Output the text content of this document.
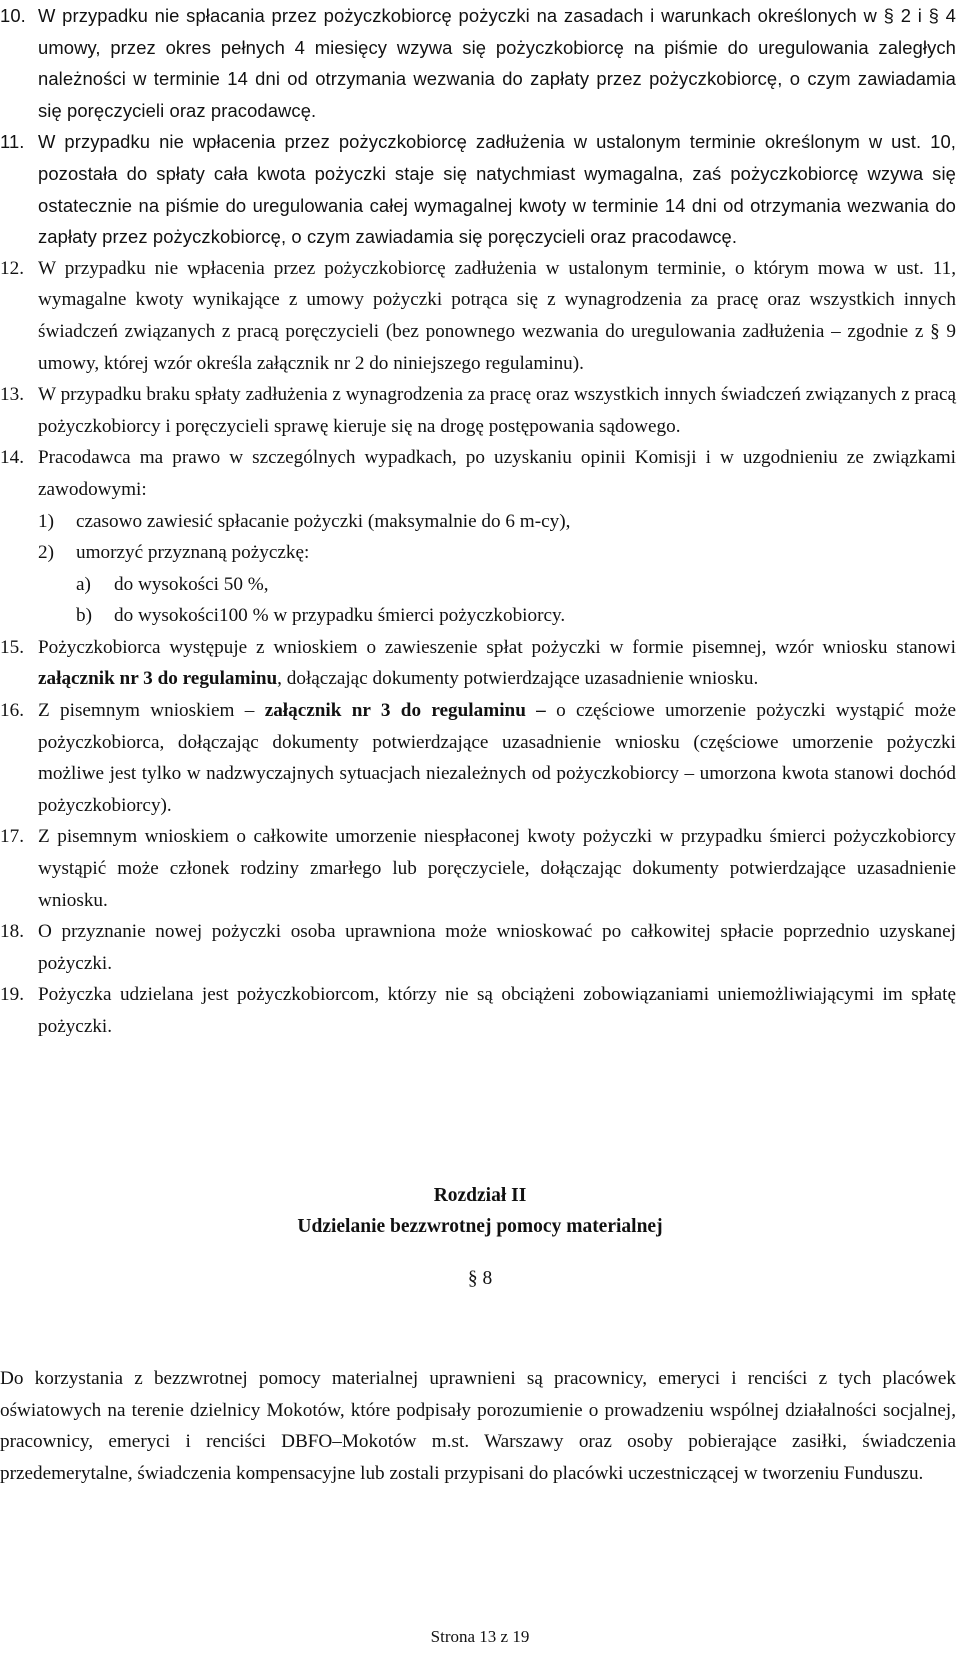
10. W przypadku nie spłacania przez pożyczkobiorcę pożyczki na zasadach i warunkach określonych w § 2 i § 4 umowy, przez okres pełnych 4 miesięcy wzywa się pożyczkobiorcę na piśmie do uregulowania zaległych należności w terminie 14 dni od otrzymania wezwania do zapłaty przez pożyczkobiorcę, o czym zawiadamia się poręczycieli oraz pracodawcę.
11. W przypadku nie wpłacenia przez pożyczkobiorcę zadłużenia w ustalonym terminie określonym w ust. 10, pozostała do spłaty cała kwota pożyczki staje się natychmiast wymagalna, zaś pożyczkobiorcę wzywa się ostatecznie na piśmie do uregulowania całej wymagalnej kwoty w terminie 14 dni od otrzymania wezwania do zapłaty przez pożyczkobiorcę, o czym zawiadamia się poręczycieli oraz pracodawcę.
12. W przypadku nie wpłacenia przez pożyczkobiorcę zadłużenia w ustalonym terminie, o którym mowa w ust. 11, wymagalne kwoty wynikające z umowy pożyczki potrąca się z wynagrodzenia za pracę oraz wszystkich innych świadczeń związanych z pracą poręczycieli (bez ponownego wezwania do uregulowania zadłużenia – zgodnie z § 9 umowy, której wzór określa załącznik nr 2 do niniejszego regulaminu).
13. W przypadku braku spłaty zadłużenia z wynagrodzenia za pracę oraz wszystkich innych świadczeń związanych z pracą pożyczkobiorcy i poręczycieli sprawę kieruje się na drogę postępowania sądowego.
14. Pracodawca ma prawo w szczególnych wypadkach, po uzyskaniu opinii Komisji i w uzgodnieniu ze związkami zawodowymi:
1) czasowo zawiesić spłacanie pożyczki (maksymalnie do 6 m-cy),
2) umorzyć przyznaną pożyczkę:
a) do wysokości 50 %,
b) do wysokości100 % w przypadku śmierci pożyczkobiorcy.
15. Pożyczkobiorca występuje z wnioskiem o zawieszenie spłat pożyczki w formie pisemnej, wzór wniosku stanowi załącznik nr 3 do regulaminu, dołączając dokumenty potwierdzające uzasadnienie wniosku.
16. Z pisemnym wnioskiem – załącznik nr 3 do regulaminu – o częściowe umorzenie pożyczki wystąpić może pożyczkobiorca, dołączając dokumenty potwierdzające uzasadnienie wniosku (częściowe umorzenie pożyczki możliwe jest tylko w nadzwyczajnych sytuacjach niezależnych od pożyczkobiorcy – umorzona kwota stanowi dochód pożyczkobiorcy).
17. Z pisemnym wnioskiem o całkowite umorzenie niespłaconej kwoty pożyczki w przypadku śmierci pożyczkobiorcy wystąpić może członek rodziny zmarłego lub poręczyciele, dołączając dokumenty potwierdzające uzasadnienie wniosku.
18. O przyznanie nowej pożyczki osoba uprawniona może wnioskować po całkowitej spłacie poprzednio uzyskanej pożyczki.
19. Pożyczka udzielana jest pożyczkobiorcom, którzy nie są obciążeni zobowiązaniami uniemożliwiającymi im spłatę pożyczki.
Rozdział II
Udzielanie bezzwrotnej pomocy materialnej
§ 8
Do korzystania z bezzwrotnej pomocy materialnej uprawnieni są pracownicy, emeryci i renciści z tych placówek oświatowych na terenie dzielnicy Mokotów, które podpisały porozumienie o prowadzeniu wspólnej działalności socjalnej, pracownicy, emeryci i renciści DBFO–Mokotów m.st. Warszawy oraz osoby pobierające zasiłki, świadczenia przedemerytalne, świadczenia kompensacyjne lub zostali przypisani do placówki uczestniczącej w tworzeniu Funduszu.
Strona 13 z 19
